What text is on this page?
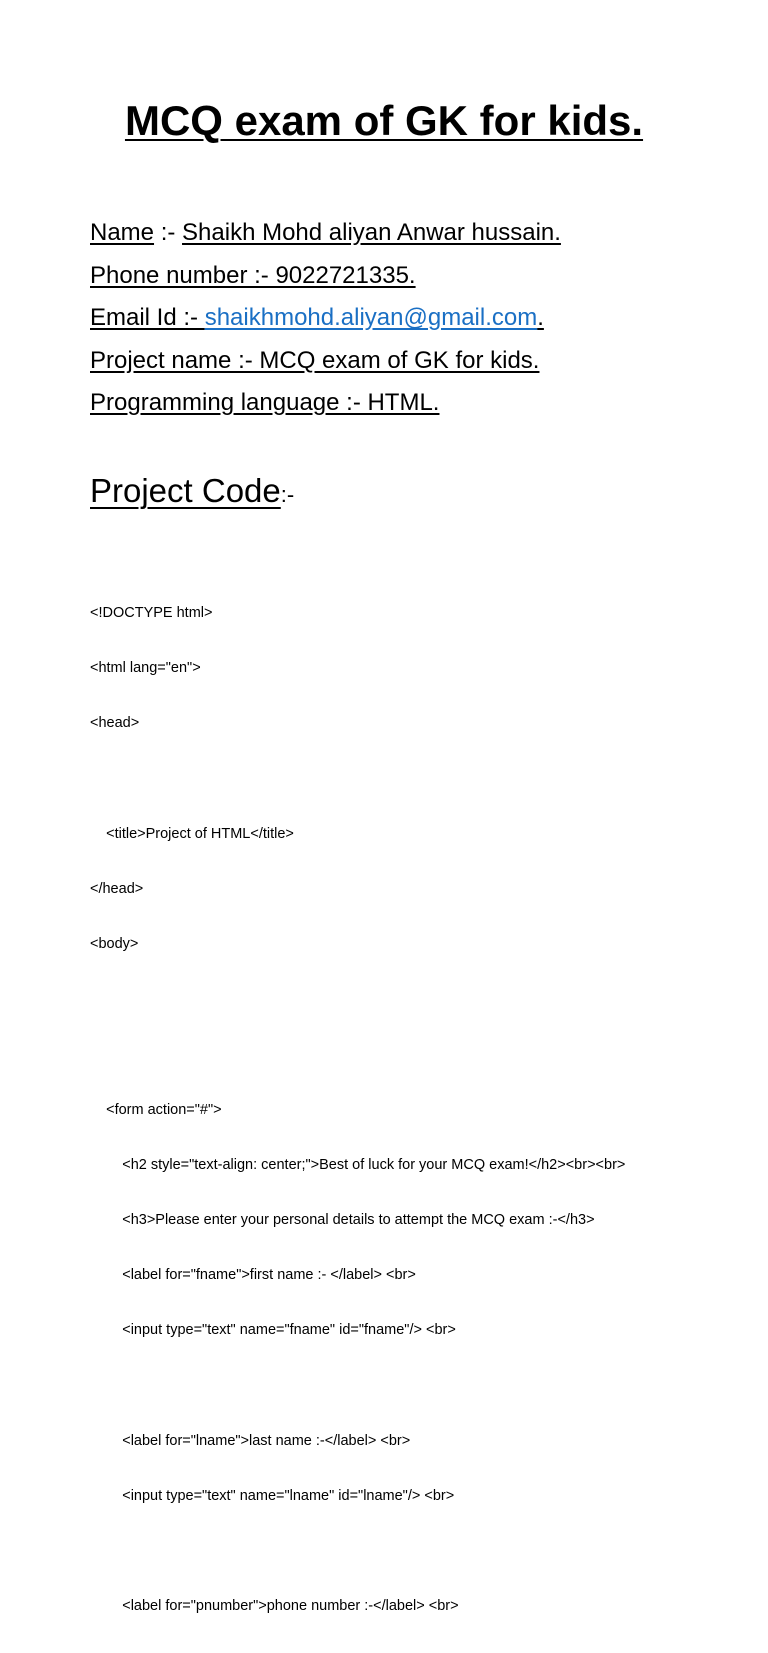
MCQ exam of GK for kids.
Name :- Shaikh Mohd aliyan Anwar hussain.
Phone number :- 9022721335.
Email Id :- shaikhmohd.aliyan@gmail.com.
Project name :- MCQ exam of GK for kids.
Programming language :- HTML.
Project Code:-

<!DOCTYPE html>

<html lang="en">

<head>

<title>Project of HTML</title>

</head>

<body>

<form action="#">

<h2 style="text-align: center;">Best of luck for your MCQ exam!</h2><br><br>

<h3>Please enter your personal details to attempt the MCQ exam :-</h3>

<label for="fname">first name :- </label> <br>

<input type="text" name="fname" id="fname"/> <br>

<label for="lname">last name :-</label> <br>

<input type="text" name="lname" id="lname"/> <br>

<label for="pnumber">phone number :-</label> <br>
